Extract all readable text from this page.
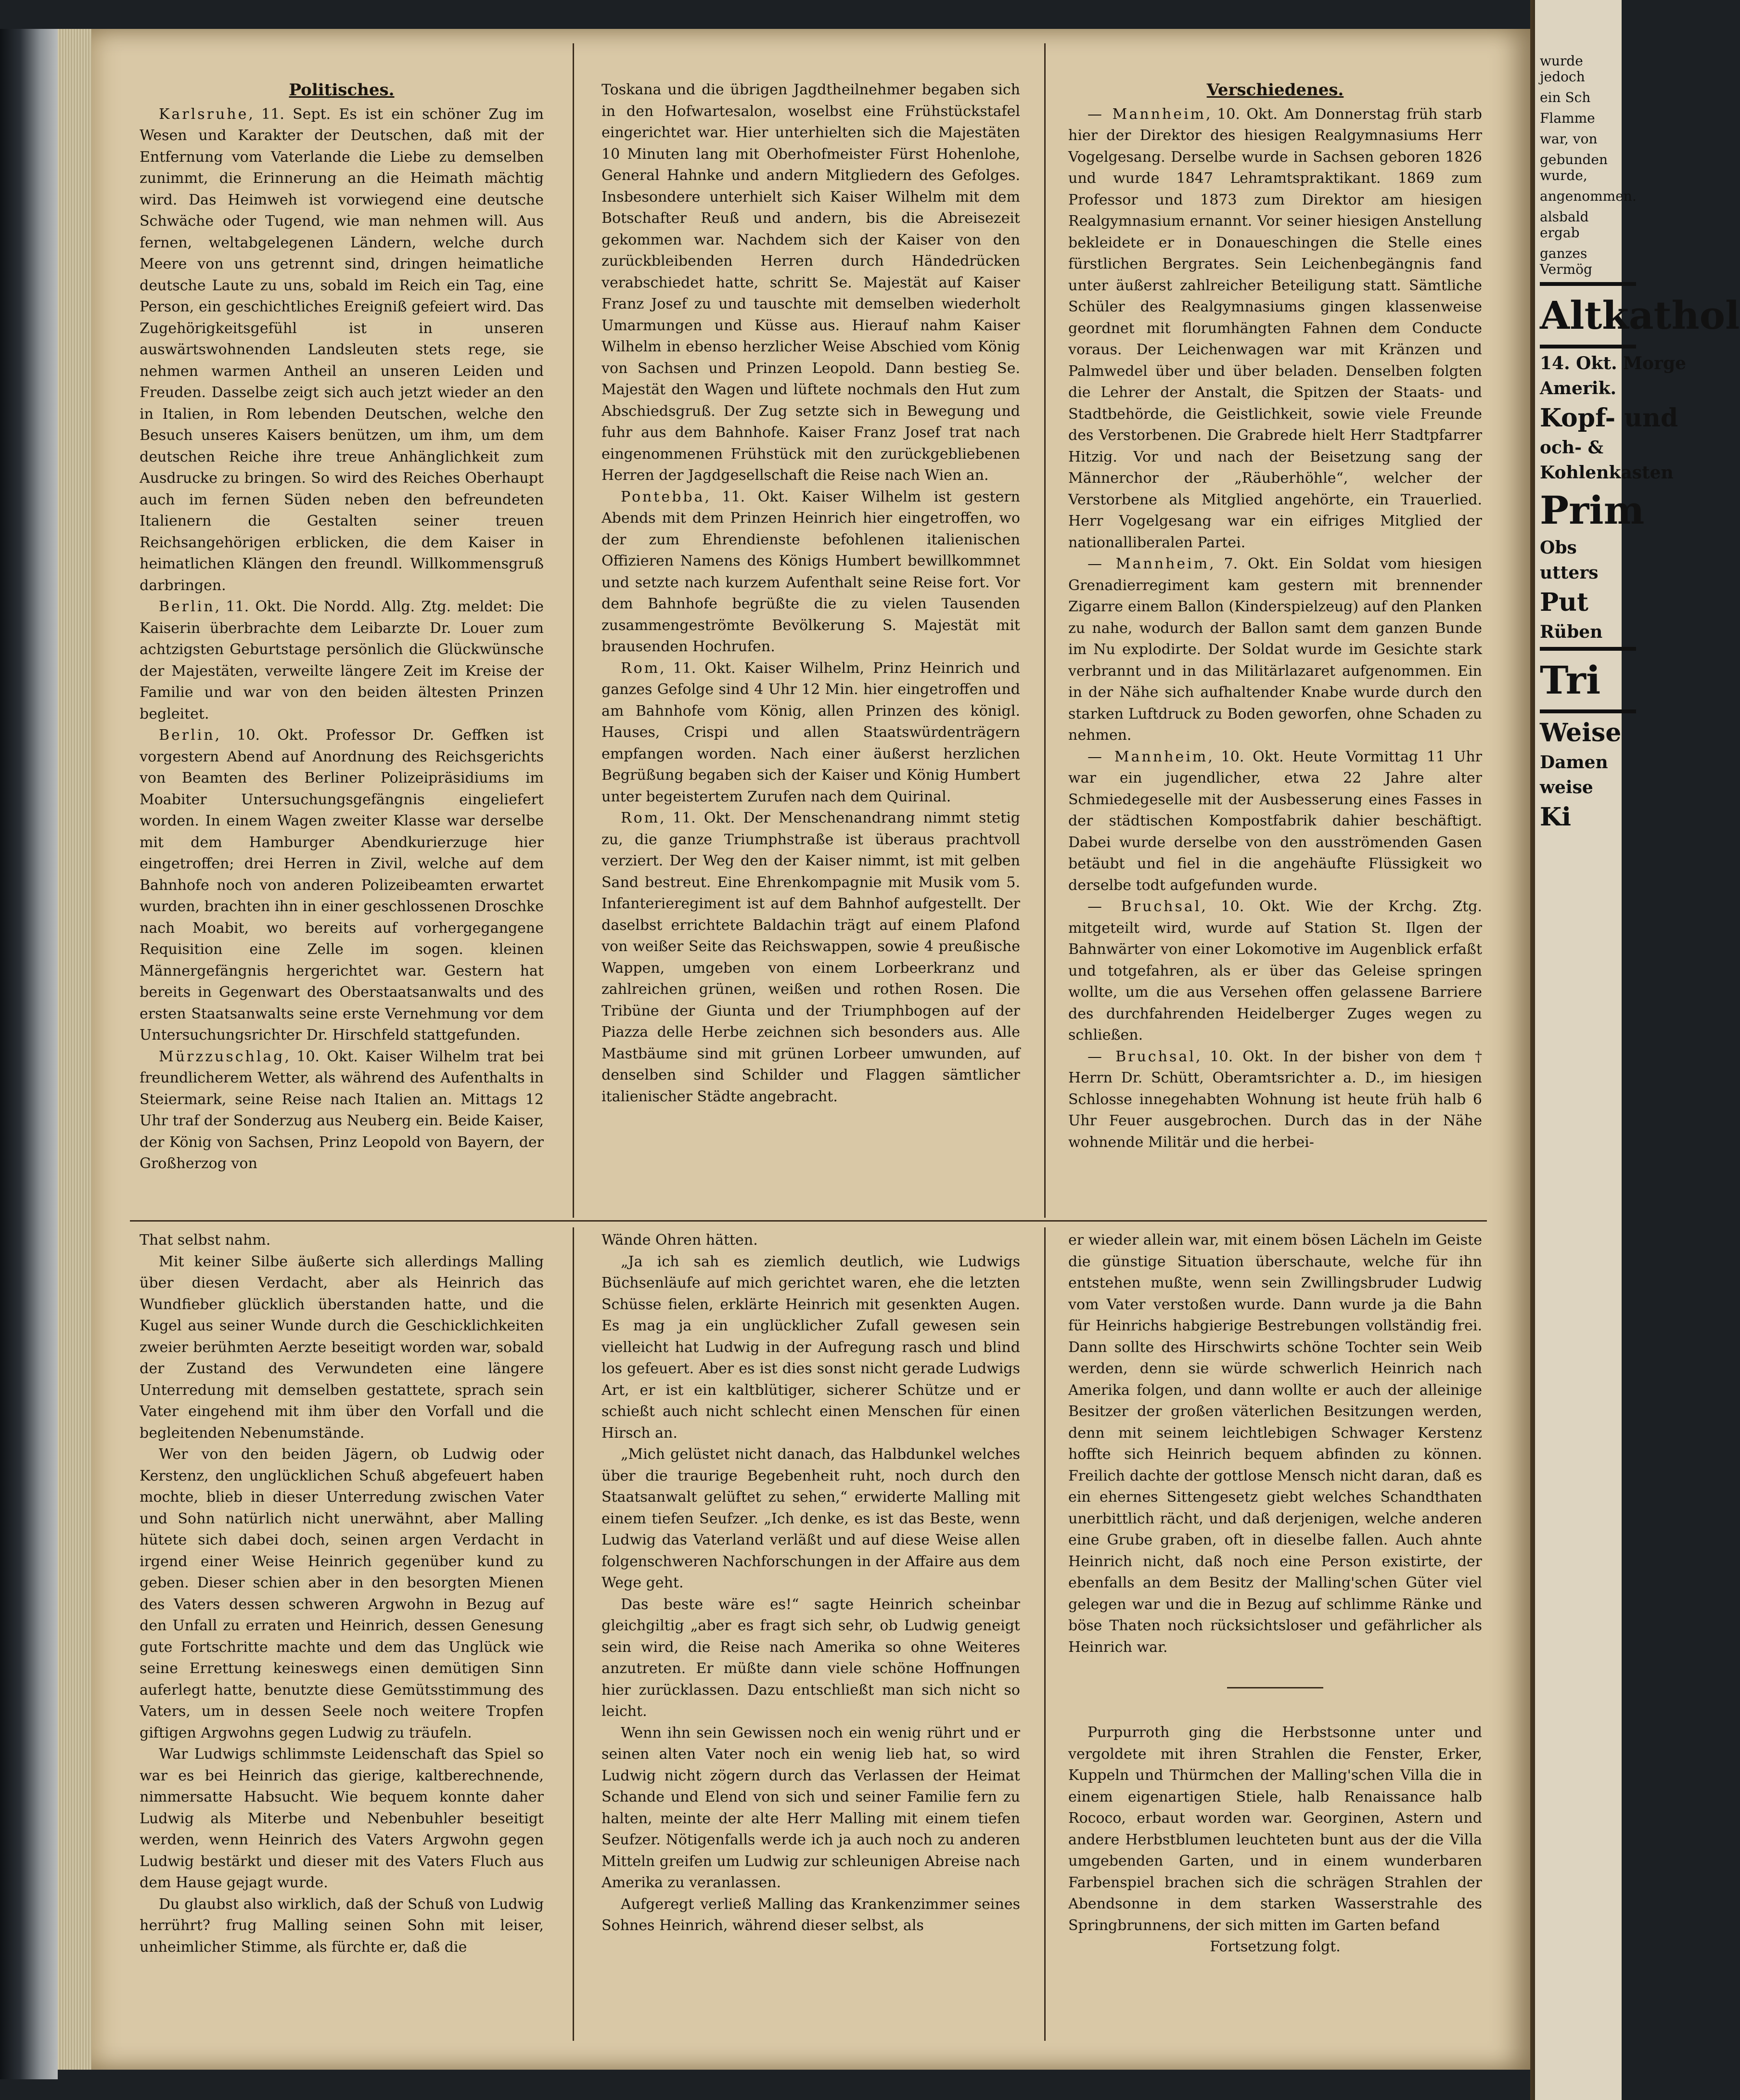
Politisches.

Karlsruhe, 11. Sept. Es ist ein schöner Zug im Wesen und Karakter der Deutschen, daß mit der Entfernung vom Vaterlande die Liebe zu demselben zunimmt, die Erinnerung an die Heimath mächtig wird. Das Heimweh ist vorwiegend eine deutsche Schwäche oder Tugend, wie man nehmen will. Aus fernen, weltabgelegenen Ländern, welche durch Meere von uns getrennt sind, dringen heimatliche deutsche Laute zu uns, sobald im Reich ein Tag, eine Person, ein geschichtliches Ereigniß gefeiert wird. Das Zugehörigkeitsgefühl ist in unseren auswärtswohnenden Landsleuten stets rege, sie nehmen warmen Antheil an unseren Leiden und Freuden. Dasselbe zeigt sich auch jetzt wieder an den in Italien, in Rom lebenden Deutschen, welche den Besuch unseres Kaisers benützen, um ihm, um dem deutschen Reiche ihre treue Anhänglichkeit zum Ausdrucke zu bringen. So wird des Reiches Oberhaupt auch im fernen Süden neben den befreundeten Italienern die Gestalten seiner treuen Reichsangehörigen erblicken, die dem Kaiser in heimatlichen Klängen den freundl. Willkommensgruß darbringen.

Berlin, 11. Okt. Die Nordd. Allg. Ztg. meldet: Die Kaiserin überbrachte dem Leibarzte Dr. Louer zum achtzigsten Geburtstage persönlich die Glückwünsche der Majestäten, verweilte längere Zeit im Kreise der Familie und war von den beiden ältesten Prinzen begleitet.

Berlin, 10. Okt. Professor Dr. Geffken ist vorgestern Abend auf Anordnung des Reichsgerichts von Beamten des Berliner Polizeipräsidiums im Moabiter Untersuchungsgefängnis eingeliefert worden. In einem Wagen zweiter Klasse war derselbe mit dem Hamburger Abendkurierzuge hier eingetroffen; drei Herren in Zivil, welche auf dem Bahnhofe noch von anderen Polizeibeamten erwartet wurden, brachten ihn in einer geschlossenen Droschke nach Moabit, wo bereits auf vorhergegangene Requisition eine Zelle im sogen. kleinen Männergefängnis hergerichtet war. Gestern hat bereits in Gegenwart des Oberstaatsanwalts und des ersten Staatsanwalts seine erste Vernehmung vor dem Untersuchungsrichter Dr. Hirschfeld stattgefunden.

Mürzzuschlag, 10. Okt. Kaiser Wilhelm trat bei freundlicherem Wetter, als während des Aufenthalts in Steiermark, seine Reise nach Italien an. Mittags 12 Uhr traf der Sonderzug aus Neuberg ein. Beide Kaiser, der König von Sachsen, Prinz Leopold von Bayern, der Großherzog von

Toskana und die übrigen Jagdtheilnehmer begaben sich in den Hofwartesalon, woselbst eine Frühstückstafel eingerichtet war. Hier unterhielten sich die Majestäten 10 Minuten lang mit Oberhofmeister Fürst Hohenlohe, General Hahnke und andern Mitgliedern des Gefolges. Insbesondere unterhielt sich Kaiser Wilhelm mit dem Botschafter Reuß und andern, bis die Abreisezeit gekommen war. Nachdem sich der Kaiser von den zurückbleibenden Herren durch Händedrücken verabschiedet hatte, schritt Se. Majestät auf Kaiser Franz Josef zu und tauschte mit demselben wiederholt Umarmungen und Küsse aus. Hierauf nahm Kaiser Wilhelm in ebenso herzlicher Weise Abschied vom König von Sachsen und Prinzen Leopold. Dann bestieg Se. Majestät den Wagen und lüftete nochmals den Hut zum Abschiedsgruß. Der Zug setzte sich in Bewegung und fuhr aus dem Bahnhofe. Kaiser Franz Josef trat nach eingenommenen Frühstück mit den zurückgebliebenen Herren der Jagdgesellschaft die Reise nach Wien an.

Pontebba, 11. Okt. Kaiser Wilhelm ist gestern Abends mit dem Prinzen Heinrich hier eingetroffen, wo der zum Ehrendienste befohlenen italienischen Offizieren Namens des Königs Humbert bewillkommnet und setzte nach kurzem Aufenthalt seine Reise fort. Vor dem Bahnhofe begrüßte die zu vielen Tausenden zusammengeströmte Bevölkerung S. Majestät mit brausenden Hochrufen.

Rom, 11. Okt. Kaiser Wilhelm, Prinz Heinrich und ganzes Gefolge sind 4 Uhr 12 Min. hier eingetroffen und am Bahnhofe vom König, allen Prinzen des königl. Hauses, Crispi und allen Staatswürdenträgern empfangen worden. Nach einer äußerst herzlichen Begrüßung begaben sich der Kaiser und König Humbert unter begeistertem Zurufen nach dem Quirinal.

Rom, 11. Okt. Der Menschenandrang nimmt stetig zu, die ganze Triumphstraße ist überaus prachtvoll verziert. Der Weg den der Kaiser nimmt, ist mit gelben Sand bestreut. Eine Ehrenkompagnie mit Musik vom 5. Infanterieregiment ist auf dem Bahnhof aufgestellt. Der daselbst errichtete Baldachin trägt auf einem Plafond von weißer Seite das Reichswappen, sowie 4 preußische Wappen, umgeben von einem Lorbeerkranz und zahlreichen grünen, weißen und rothen Rosen. Die Tribüne der Giunta und der Triumphbogen auf der Piazza delle Herbe zeichnen sich besonders aus. Alle Mastbäume sind mit grünen Lorbeer umwunden, auf denselben sind Schilder und Flaggen sämtlicher italienischer Städte angebracht.

Verschiedenes.

— Mannheim, 10. Okt. Am Donnerstag früh starb hier der Direktor des hiesigen Realgymnasiums Herr Vogelgesang. Derselbe wurde in Sachsen geboren 1826 und wurde 1847 Lehramtspraktikant. 1869 zum Professor und 1873 zum Direktor am hiesigen Realgymnasium ernannt. Vor seiner hiesigen Anstellung bekleidete er in Donaueschingen die Stelle eines fürstlichen Bergrates. Sein Leichenbegängnis fand unter äußerst zahlreicher Beteiligung statt. Sämtliche Schüler des Realgymnasiums gingen klassenweise geordnet mit florumhängten Fahnen dem Conducte voraus. Der Leichenwagen war mit Kränzen und Palmwedel über und über beladen. Denselben folgten die Lehrer der Anstalt, die Spitzen der Staats- und Stadtbehörde, die Geistlichkeit, sowie viele Freunde des Verstorbenen. Die Grabrede hielt Herr Stadtpfarrer Hitzig. Vor und nach der Beisetzung sang der Männerchor der „Räuberhöhle“, welcher der Verstorbene als Mitglied angehörte, ein Trauerlied. Herr Vogelgesang war ein eifriges Mitglied der nationalliberalen Partei.

— Mannheim, 7. Okt. Ein Soldat vom hiesigen Grenadierregiment kam gestern mit brennender Zigarre einem Ballon (Kinderspielzeug) auf den Planken zu nahe, wodurch der Ballon samt dem ganzen Bunde im Nu explodirte. Der Soldat wurde im Gesichte stark verbrannt und in das Militärlazaret aufgenommen. Ein in der Nähe sich aufhaltender Knabe wurde durch den starken Luftdruck zu Boden geworfen, ohne Schaden zu nehmen.

— Mannheim, 10. Okt. Heute Vormittag 11 Uhr war ein jugendlicher, etwa 22 Jahre alter Schmiedegeselle mit der Ausbesserung eines Fasses in der städtischen Kompostfabrik dahier beschäftigt. Dabei wurde derselbe von den ausströmenden Gasen betäubt und fiel in die angehäufte Flüssigkeit wo derselbe todt aufgefunden wurde.

— Bruchsal, 10. Okt. Wie der Krchg. Ztg. mitgeteilt wird, wurde auf Station St. Ilgen der Bahnwärter von einer Lokomotive im Augenblick erfaßt und totgefahren, als er über das Geleise springen wollte, um die aus Versehen offen gelassene Barriere des durchfahrenden Heidelberger Zuges wegen zu schließen.

— Bruchsal, 10. Okt. In der bisher von dem † Herrn Dr. Schütt, Oberamtsrichter a. D., im hiesigen Schlosse innegehabten Wohnung ist heute früh halb 6 Uhr Feuer ausgebrochen. Durch das in der Nähe wohnende Militär und die herbei-

That selbst nahm.

Mit keiner Silbe äußerte sich allerdings Malling über diesen Verdacht, aber als Heinrich das Wundfieber glücklich überstanden hatte, und die Kugel aus seiner Wunde durch die Geschicklichkeiten zweier berühmten Aerzte beseitigt worden war, sobald der Zustand des Verwundeten eine längere Unterredung mit demselben gestattete, sprach sein Vater eingehend mit ihm über den Vorfall und die begleitenden Nebenumstände.

Wer von den beiden Jägern, ob Ludwig oder Kerstenz, den unglücklichen Schuß abgefeuert haben mochte, blieb in dieser Unterredung zwischen Vater und Sohn natürlich nicht unerwähnt, aber Malling hütete sich dabei doch, seinen argen Verdacht in irgend einer Weise Heinrich gegenüber kund zu geben. Dieser schien aber in den besorgten Mienen des Vaters dessen schweren Argwohn in Bezug auf den Unfall zu erraten und Heinrich, dessen Genesung gute Fortschritte machte und dem das Unglück wie seine Errettung keineswegs einen demütigen Sinn auferlegt hatte, benutzte diese Gemütsstimmung des Vaters, um in dessen Seele noch weitere Tropfen giftigen Argwohns gegen Ludwig zu träufeln.

War Ludwigs schlimmste Leidenschaft das Spiel so war es bei Heinrich das gierige, kaltberechnende, nimmersatte Habsucht. Wie bequem konnte daher Ludwig als Miterbe und Nebenbuhler beseitigt werden, wenn Heinrich des Vaters Argwohn gegen Ludwig bestärkt und dieser mit des Vaters Fluch aus dem Hause gejagt wurde.

Du glaubst also wirklich, daß der Schuß von Ludwig herrührt? frug Malling seinen Sohn mit leiser, unheimlicher Stimme, als fürchte er, daß die

Wände Ohren hätten.

„Ja ich sah es ziemlich deutlich, wie Ludwigs Büchsenläufe auf mich gerichtet waren, ehe die letzten Schüsse fielen, erklärte Heinrich mit gesenkten Augen. Es mag ja ein unglücklicher Zufall gewesen sein vielleicht hat Ludwig in der Aufregung rasch und blind los gefeuert. Aber es ist dies sonst nicht gerade Ludwigs Art, er ist ein kaltblütiger, sicherer Schütze und er schießt auch nicht schlecht einen Menschen für einen Hirsch an.

„Mich gelüstet nicht danach, das Halbdunkel welches über die traurige Begebenheit ruht, noch durch den Staatsanwalt gelüftet zu sehen,“ erwiderte Malling mit einem tiefen Seufzer. „Ich denke, es ist das Beste, wenn Ludwig das Vaterland verläßt und auf diese Weise allen folgenschweren Nachforschungen in der Affaire aus dem Wege geht.

Das beste wäre es!“ sagte Heinrich scheinbar gleichgiltig „aber es fragt sich sehr, ob Ludwig geneigt sein wird, die Reise nach Amerika so ohne Weiteres anzutreten. Er müßte dann viele schöne Hoffnungen hier zurücklassen. Dazu entschließt man sich nicht so leicht.

Wenn ihn sein Gewissen noch ein wenig rührt und er seinen alten Vater noch ein wenig lieb hat, so wird Ludwig nicht zögern durch das Verlassen der Heimat Schande und Elend von sich und seiner Familie fern zu halten, meinte der alte Herr Malling mit einem tiefen Seufzer. Nötigenfalls werde ich ja auch noch zu anderen Mitteln greifen um Ludwig zur schleunigen Abreise nach Amerika zu veranlassen.

Aufgeregt verließ Malling das Krankenzimmer seines Sohnes Heinrich, während dieser selbst, als

er wieder allein war, mit einem bösen Lächeln im Geiste die günstige Situation überschaute, welche für ihn entstehen mußte, wenn sein Zwillingsbruder Ludwig vom Vater verstoßen wurde. Dann wurde ja die Bahn für Heinrichs habgierige Bestrebungen vollständig frei. Dann sollte des Hirschwirts schöne Tochter sein Weib werden, denn sie würde schwerlich Heinrich nach Amerika folgen, und dann wollte er auch der alleinige Besitzer der großen väterlichen Besitzungen werden, denn mit seinem leichtlebigen Schwager Kerstenz hoffte sich Heinrich bequem abfinden zu können. Freilich dachte der gottlose Mensch nicht daran, daß es ein ehernes Sittengesetz giebt welches Schandthaten unerbittlich rächt, und daß derjenigen, welche anderen eine Grube graben, oft in dieselbe fallen. Auch ahnte Heinrich nicht, daß noch eine Person existirte, der ebenfalls an dem Besitz der Malling'schen Güter viel gelegen war und die in Bezug auf schlimme Ränke und böse Thaten noch rücksichtsloser und gefährlicher als Heinrich war.

Purpurroth ging die Herbstsonne unter und vergoldete mit ihren Strahlen die Fenster, Erker, Kuppeln und Thürmchen der Malling'schen Villa die in einem eigenartigen Stiele, halb Renaissance halb Rococo, erbaut worden war. Georginen, Astern und andere Herbstblumen leuchteten bunt aus der die Villa umgebenden Garten, und in einem wunderbaren Farbenspiel brachen sich die schrägen Strahlen der Abendsonne in dem starken Wasserstrahle des Springbrunnens, der sich mitten im Garten befand

Fortsetzung folgt.

wurde jedoch
ein Sch
Flamme
war, von
gebunden wurde,
angenommen.
alsbald ergab
ganzes Vermög
Altkathol
14. Okt. Morge
Amerik.
Kopf- und
och- &
Kohlenkasten
Prim
Obs
utters
Put
Rüben
Tri
Weise
Damen
weise
Ki
